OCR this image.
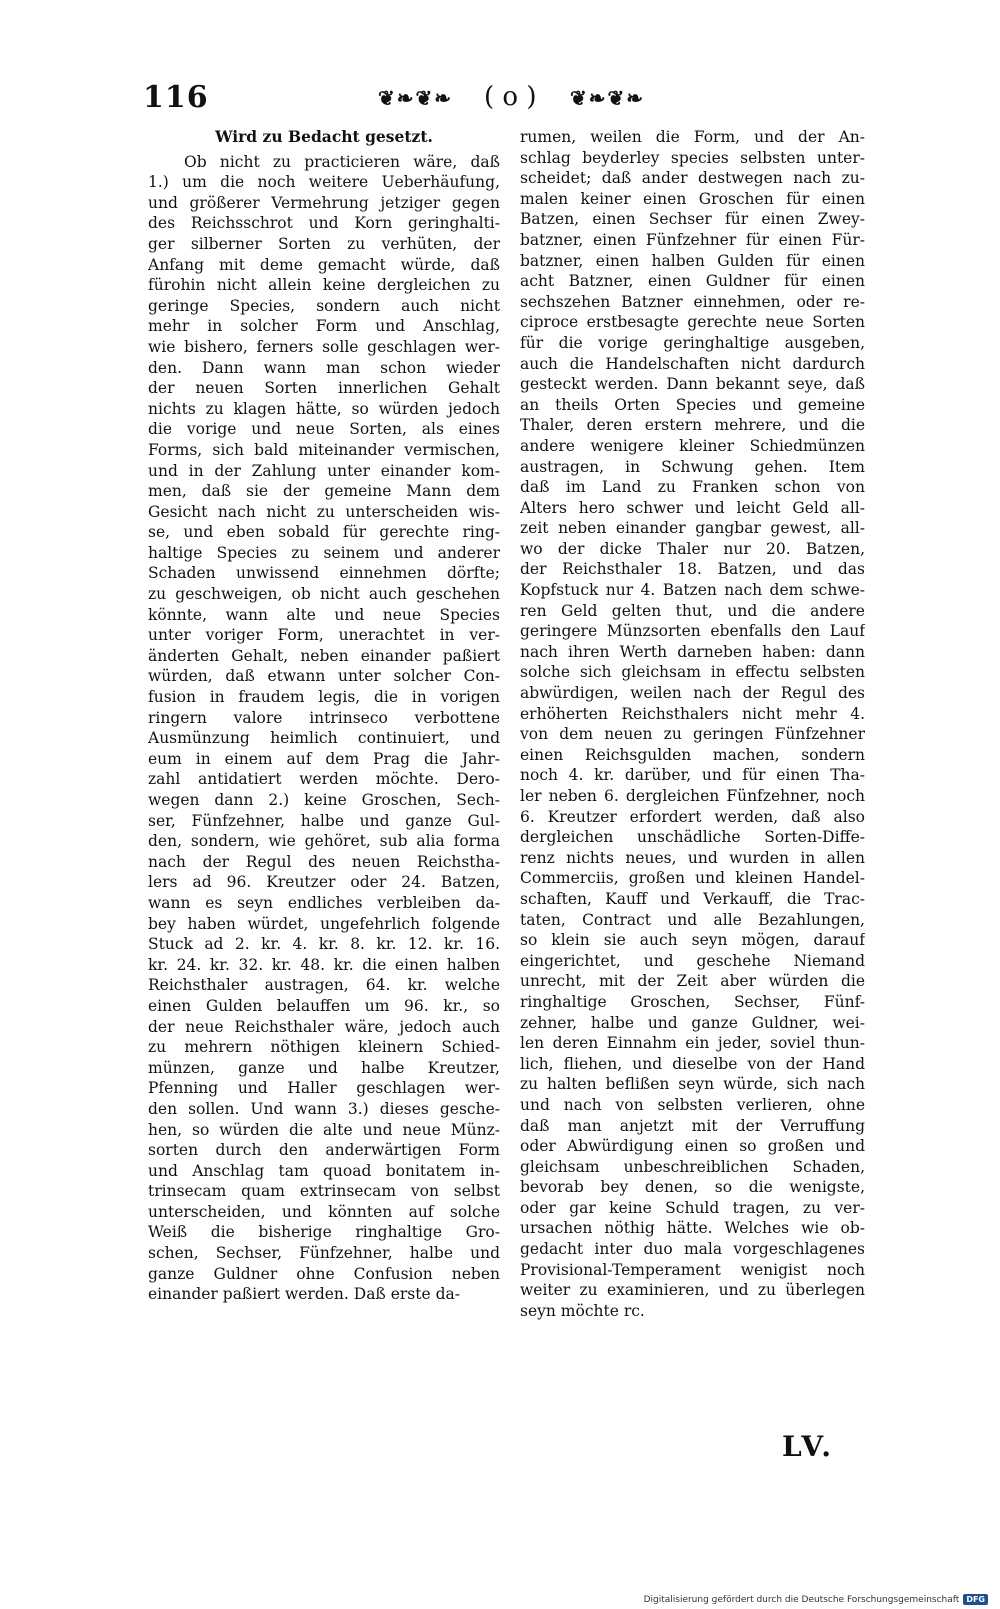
116	❦❧❦❧ ( o ) ❦❧❦❧
Wird zu Bedacht gesetzt.
Ob nicht zu practicieren wäre, daß
1.) um die noch weitere Ueberhäufung,
und größerer Vermehrung jetziger gegen
des Reichsschrot und Korn geringhalti-
ger silberner Sorten zu verhüten, der
Anfang mit deme gemacht würde, daß
fürohin nicht allein keine dergleichen zu
geringe Species, sondern auch nicht
mehr in solcher Form und Anschlag,
wie bishero, ferners solle geschlagen wer-
den. Dann wann man schon wieder
der neuen Sorten innerlichen Gehalt
nichts zu klagen hätte, so würden jedoch
die vorige und neue Sorten, als eines
Forms, sich bald miteinander vermischen,
und in der Zahlung unter einander kom-
men, daß sie der gemeine Mann dem
Gesicht nach nicht zu unterscheiden wis-
se, und eben sobald für gerechte ring-
haltige Species zu seinem und anderer
Schaden unwissend einnehmen dörfte;
zu geschweigen, ob nicht auch geschehen
könnte, wann alte und neue Species
unter voriger Form, unerachtet in ver-
änderten Gehalt, neben einander paßiert
würden, daß etwann unter solcher Con-
fusion in fraudem legis, die in vorigen
ringern valore intrinseco verbottene
Ausmünzung heimlich continuiert, und
eum in einem auf dem Prag die Jahr-
zahl antidatiert werden möchte. Dero-
wegen dann 2.) keine Groschen, Sech-
ser, Fünfzehner, halbe und ganze Gul-
den, sondern, wie gehöret, sub alia forma
nach der Regul des neuen Reichstha-
lers ad 96. Kreutzer oder 24. Batzen,
wann es seyn endliches verbleiben da-
bey haben würdet, ungefehrlich folgende
Stuck ad 2. kr. 4. kr. 8. kr. 12. kr. 16.
kr. 24. kr. 32. kr. 48. kr. die einen halben
Reichsthaler austragen, 64. kr. welche
einen Gulden belauffen um 96. kr., so
der neue Reichsthaler wäre, jedoch auch
zu mehrern nöthigen kleinern Schied-
münzen, ganze und halbe Kreutzer,
Pfenning und Haller geschlagen wer-
den sollen. Und wann 3.) dieses gesche-
hen, so würden die alte und neue Münz-
sorten durch den anderwärtigen Form
und Anschlag tam quoad bonitatem in-
trinsecam quam extrinsecam von selbst
unterscheiden, und könnten auf solche
Weiß die bisherige ringhaltige Gro-
schen, Sechser, Fünfzehner, halbe und
ganze Guldner ohne Confusion neben
einander paßiert werden. Daß erste da-
rumen, weilen die Form, und der An-
schlag beyderley species selbsten unter-
scheidet; daß ander destwegen nach zu-
malen keiner einen Groschen für einen
Batzen, einen Sechser für einen Zwey-
batzner, einen Fünfzehner für einen Für-
batzner, einen halben Gulden für einen
acht Batzner, einen Guldner für einen
sechszehen Batzner einnehmen, oder re-
ciproce erstbesagte gerechte neue Sorten
für die vorige geringhaltige ausgeben,
auch die Handelschaften nicht dardurch
gesteckt werden. Dann bekannt seye, daß
an theils Orten Species und gemeine
Thaler, deren erstern mehrere, und die
andere wenigere kleiner Schiedmünzen
austragen, in Schwung gehen. Item
daß im Land zu Franken schon von
Alters hero schwer und leicht Geld all-
zeit neben einander gangbar gewest, all-
wo der dicke Thaler nur 20. Batzen,
der Reichsthaler 18. Batzen, und das
Kopfstuck nur 4. Batzen nach dem schwe-
ren Geld gelten thut, und die andere
geringere Münzsorten ebenfalls den Lauf
nach ihren Werth darneben haben: dann
solche sich gleichsam in effectu selbsten
abwürdigen, weilen nach der Regul des
erhöherten Reichsthalers nicht mehr 4.
von dem neuen zu geringen Fünfzehner
einen Reichsgulden machen, sondern
noch 4. kr. darüber, und für einen Tha-
ler neben 6. dergleichen Fünfzehner, noch
6. Kreutzer erfordert werden, daß also
dergleichen unschädliche Sorten-Diffe-
renz nichts neues, und wurden in allen
Commerciis, großen und kleinen Handel-
schaften, Kauff und Verkauff, die Trac-
taten, Contract und alle Bezahlungen,
so klein sie auch seyn mögen, darauf
eingerichtet, und geschehe Niemand
unrecht, mit der Zeit aber würden die
ringhaltige Groschen, Sechser, Fünf-
zehner, halbe und ganze Guldner, wei-
len deren Einnahm ein jeder, soviel thun-
lich, fliehen, und dieselbe von der Hand
zu halten beflißen seyn würde, sich nach
und nach von selbsten verlieren, ohne
daß man anjetzt mit der Verruffung
oder Abwürdigung einen so großen und
gleichsam unbeschreiblichen Schaden,
bevorab bey denen, so die wenigste,
oder gar keine Schuld tragen, zu ver-
ursachen nöthig hätte. Welches wie ob-
gedacht inter duo mala vorgeschlagenes
Provisional-Temperament wenigist noch
weiter zu examinieren, und zu überlegen
seyn möchte rc.
LV.
Digitalisierung gefördert durch die Deutsche Forschungsgemeinschaft DFG
